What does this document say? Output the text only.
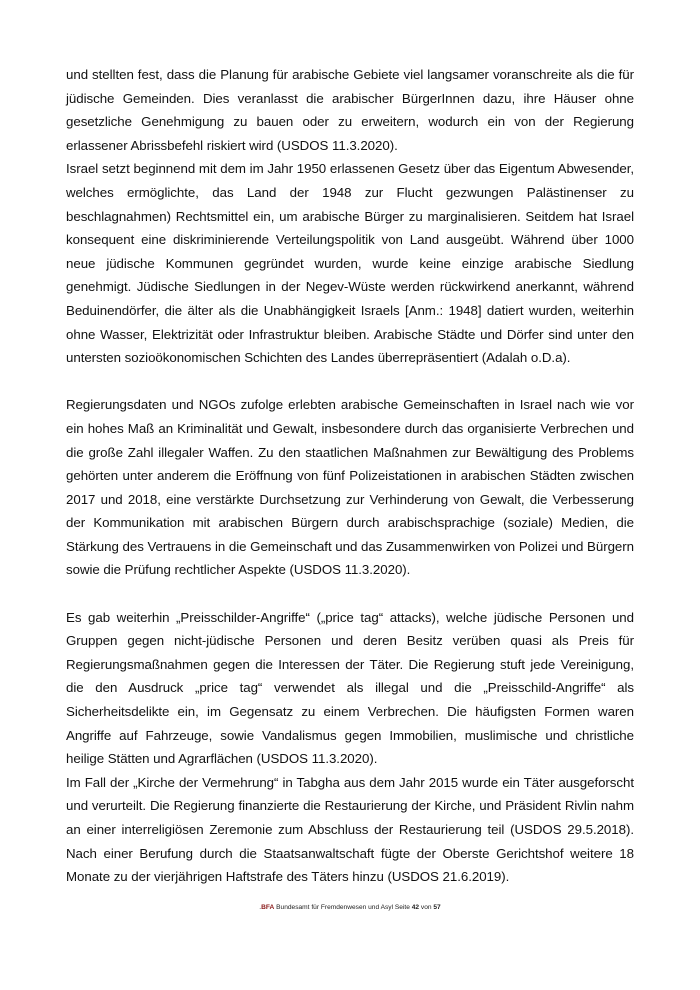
und stellten fest, dass die Planung für arabische Gebiete viel langsamer voranschreite als die für jüdische Gemeinden. Dies veranlasst die arabischer BürgerInnen dazu, ihre Häuser ohne gesetzliche Genehmigung zu bauen oder zu erweitern, wodurch ein von der Regierung erlassener Abrissbefehl riskiert wird (USDOS 11.3.2020).

Israel setzt beginnend mit dem im Jahr 1950 erlassenen Gesetz über das Eigentum Abwesender, welches ermöglichte, das Land der 1948 zur Flucht gezwungen Palästinenser zu beschlagnahmen) Rechtsmittel ein, um arabische Bürger zu marginalisieren. Seitdem hat Israel konsequent eine diskriminierende Verteilungspolitik von Land ausgeübt. Während über 1000 neue jüdische Kommunen gegründet wurden, wurde keine einzige arabische Siedlung genehmigt. Jüdische Siedlungen in der Negev-Wüste werden rückwirkend anerkannt, während Beduinendörfer, die älter als die Unabhängigkeit Israels [Anm.: 1948] datiert wurden, weiterhin ohne Wasser, Elektrizität oder Infrastruktur bleiben. Arabische Städte und Dörfer sind unter den untersten sozioökonomischen Schichten des Landes überrepräsentiert (Adalah o.D.a).

Regierungsdaten und NGOs zufolge erlebten arabische Gemeinschaften in Israel nach wie vor ein hohes Maß an Kriminalität und Gewalt, insbesondere durch das organisierte Verbrechen und die große Zahl illegaler Waffen. Zu den staatlichen Maßnahmen zur Bewältigung des Problems gehörten unter anderem die Eröffnung von fünf Polizeistationen in arabischen Städten zwischen 2017 und 2018, eine verstärkte Durchsetzung zur Verhinderung von Gewalt, die Verbesserung der Kommunikation mit arabischen Bürgern durch arabischsprachige (soziale) Medien, die Stärkung des Vertrauens in die Gemeinschaft und das Zusammenwirken von Polizei und Bürgern sowie die Prüfung rechtlicher Aspekte (USDOS 11.3.2020).

Es gab weiterhin „Preisschilder-Angriffe“ („price tag“ attacks), welche jüdische Personen und Gruppen gegen nicht-jüdische Personen und deren Besitz verüben quasi als Preis für Regierungsmaßnahmen gegen die Interessen der Täter. Die Regierung stuft jede Vereinigung, die den Ausdruck „price tag“ verwendet als illegal und die „Preisschild-Angriffe“ als Sicherheitsdelikte ein, im Gegensatz zu einem Verbrechen. Die häufigsten Formen waren Angriffe auf Fahrzeuge, sowie Vandalismus gegen Immobilien, muslimische und christliche heilige Stätten und Agrarflächen (USDOS 11.3.2020).

Im Fall der „Kirche der Vermehrung“ in Tabgha aus dem Jahr 2015 wurde ein Täter ausgeforscht und verurteilt. Die Regierung finanzierte die Restaurierung der Kirche, und Präsident Rivlin nahm an einer interreligiösen Zeremonie zum Abschluss der Restaurierung teil (USDOS 29.5.2018). Nach einer Berufung durch die Staatsanwaltschaft fügte der Oberste Gerichtshof weitere 18 Monate zu der vierjährigen Haftstrafe des Täters hinzu (USDOS 21.6.2019).

.BFA Bundesamt für Fremdenwesen und Asyl Seite 42 von 57
